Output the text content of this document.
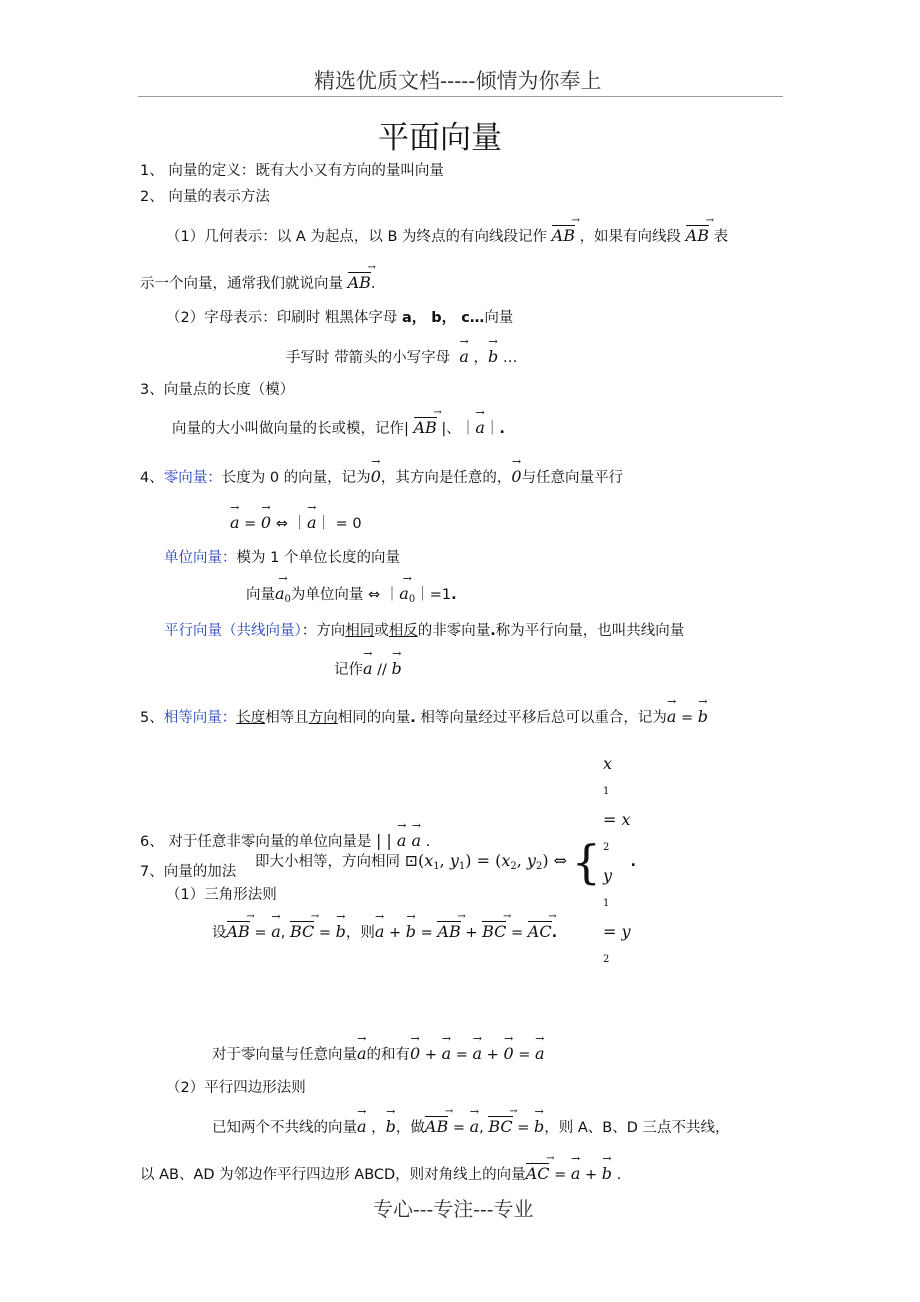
精选优质文档-----倾情为你奉上
平面向量
1、 向量的定义：既有大小又有方向的量叫向量
2、 向量的表示方法
（1）几何表示：以 A 为起点，以 B 为终点的有向线段记作 AB → ，如果有向线段 AB → 表
示一个向量，通常我们就说向量 AB →.
（2）字母表示：印刷时 粗黑体字母 a， b， c…向量
手写时 带箭头的小写字母 → a ，→ b …
3、向量点的长度（模）
向量的大小叫做向量的长或模，记作| AB → |、｜→ a｜.
4、零向量：长度为 0 的向量，记为→ 0，其方向是任意的，→ 0与任意向量平行
→ a = → 0 ⇔ ｜→ a｜ = 0
单位向量：模为 1 个单位长度的向量
向量→ $a_0$为单位向量 ⇔ ｜→ $a_0|=1$.
平行向量（共线向量）：方向相同或相反的非零向量.称为平行向量，也叫共线向量
记作→ a // → b
5、相等向量：长度相等且方向相同的向量. 相等向量经过平移后总可以重合，记为→ a = → b
即大小相等，方向相同 $⊡(x_1$, $y_1) = (x_2$, $y_2$) ⇔ {
x
1
= x
2
y
1
= y
2
.
6、 对于任意非零向量的单位向量是 | | → a → a .
7、向量的加法
（1）三角形法则
设AB → = → a, BC → = → b，则→ a + → b = AB → + BC → = AC →.
对于零向量与任意向量→ a的和有→ 0 + → a = → a + → 0 = → a
（2）平行四边形法则
已知两个不共线的向量→ a ，→ b，做AB → = → a, BC → = → b，则 A、B、D 三点不共线，
以 AB、AD 为邻边作平行四边形 ABCD，则对角线上的向量AC → = → a + → b .
专心---专注---专业
